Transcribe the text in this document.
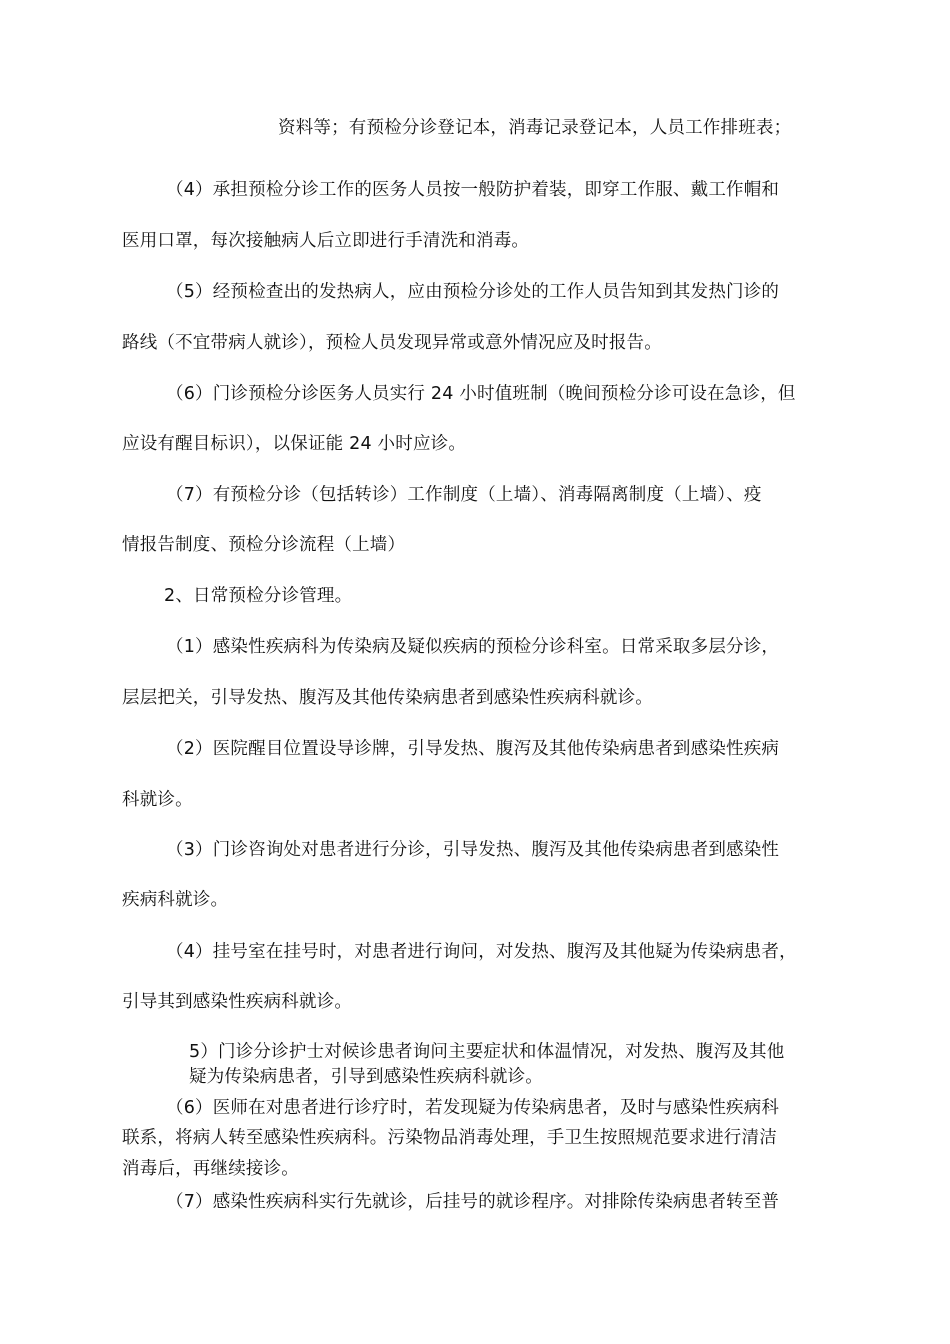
资料等；有预检分诊登记本，消毒记录登记本，人员工作排班表；
（4）承担预检分诊工作的医务人员按一般防护着装，即穿工作服、戴工作帽和
医用口罩，每次接触病人后立即进行手清洗和消毒。
（5）经预检查出的发热病人，应由预检分诊处的工作人员告知到其发热门诊的
路线（不宜带病人就诊），预检人员发现异常或意外情况应及时报告。
（6）门诊预检分诊医务人员实行 24 小时值班制（晚间预检分诊可设在急诊，但
应设有醒目标识），以保证能 24 小时应诊。
（7）有预检分诊（包括转诊）工作制度（上墙）、消毒隔离制度（上墙）、疫
情报告制度、预检分诊流程（上墙）
2、日常预检分诊管理。
（1）感染性疾病科为传染病及疑似疾病的预检分诊科室。日常采取多层分诊，
层层把关，引导发热、腹泻及其他传染病患者到感染性疾病科就诊。
（2）医院醒目位置设导诊牌，引导发热、腹泻及其他传染病患者到感染性疾病
科就诊。
（3）门诊咨询处对患者进行分诊，引导发热、腹泻及其他传染病患者到感染性
疾病科就诊。
（4）挂号室在挂号时，对患者进行询问，对发热、腹泻及其他疑为传染病患者，
引导其到感染性疾病科就诊。
5）门诊分诊护士对候诊患者询问主要症状和体温情况，对发热、腹泻及其他
疑为传染病患者，引导到感染性疾病科就诊。
（6）医师在对患者进行诊疗时，若发现疑为传染病患者，及时与感染性疾病科
联系，将病人转至感染性疾病科。污染物品消毒处理，手卫生按照规范要求进行清洁
消毒后，再继续接诊。
（7）感染性疾病科实行先就诊，后挂号的就诊程序。对排除传染病患者转至普
